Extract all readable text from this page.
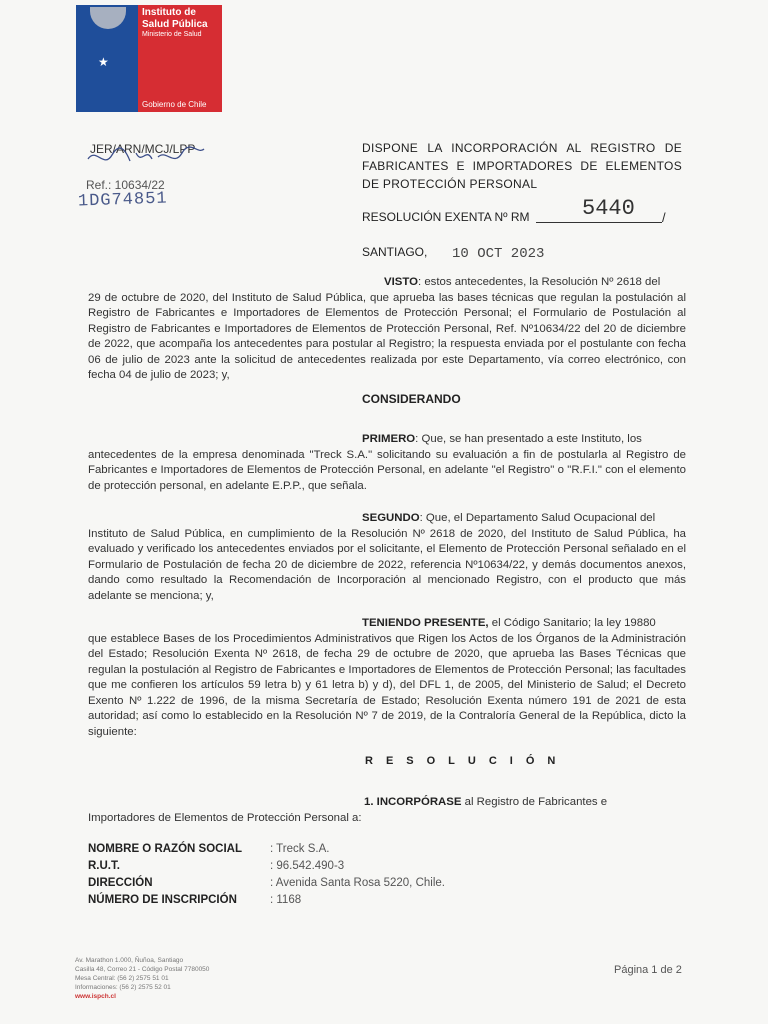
★
Instituto de
Salud Pública
Ministerio de Salud
Gobierno de Chile
JER/ARN/MCJ/LPP
Ref.: 10634/22
1DG74851
DISPONE LA INCORPORACIÓN AL REGISTRO DE FABRICANTES E IMPORTADORES DE ELEMENTOS DE PROTECCIÓN PERSONAL
RESOLUCIÓN EXENTA Nº RM 5440 /
SANTIAGO, 10 OCT 2023
VISTO: estos antecedentes, la Resolución Nº 2618 del
29 de octubre de 2020, del Instituto de Salud Pública, que aprueba las bases técnicas que regulan la postulación al Registro de Fabricantes e Importadores de Elementos de Protección Personal; el Formulario de Postulación al Registro de Fabricantes e Importadores de Elementos de Protección Personal, Ref. Nº10634/22 del 20 de diciembre de 2022, que acompaña los antecedentes para postular al Registro; la respuesta enviada por el postulante con fecha 06 de julio de 2023 ante la solicitud de antecedentes realizada por este Departamento, vía correo electrónico, con fecha 04 de julio de 2023; y,
CONSIDERANDO
PRIMERO: Que, se han presentado a este Instituto, los
antecedentes de la empresa denominada "Treck S.A." solicitando su evaluación a fin de postularla al Registro de Fabricantes e Importadores de Elementos de Protección Personal, en adelante "el Registro" o "R.F.I." con el elemento de protección personal, en adelante E.P.P., que señala.
SEGUNDO: Que, el Departamento Salud Ocupacional del
Instituto de Salud Pública, en cumplimiento de la Resolución Nº 2618 de 2020, del Instituto de Salud Pública, ha evaluado y verificado los antecedentes enviados por el solicitante, el Elemento de Protección Personal señalado en el Formulario de Postulación de fecha 20 de diciembre de 2022, referencia Nº10634/22, y demás documentos anexos, dando como resultado la Recomendación de Incorporación al mencionado Registro, con el producto que más adelante se menciona; y,
TENIENDO PRESENTE, el Código Sanitario; la ley 19880
que establece Bases de los Procedimientos Administrativos que Rigen los Actos de los Órganos de la Administración del Estado; Resolución Exenta Nº 2618, de fecha 29 de octubre de 2020, que aprueba las Bases Técnicas que regulan la postulación al Registro de Fabricantes e Importadores de Elementos de Protección Personal; las facultades que me confieren los artículos 59 letra b) y 61 letra b) y d), del DFL 1, de 2005, del Ministerio de Salud; el Decreto Exento Nº 1.222 de 1996, de la misma Secretaría de Estado; Resolución Exenta número 191 de 2021 de esta autoridad; así como lo establecido en la Resolución Nº 7 de 2019, de la Contraloría General de la República, dicto la siguiente:
RESOLUCIÓN
1. INCORPÓRASE al Registro de Fabricantes e
Importadores de Elementos de Protección Personal a:
NOMBRE O RAZÓN SOCIAL : Treck S.A.
R.U.T.	: 96.542.490-3
DIRECCIÓN	: Avenida Santa Rosa 5220, Chile.
NÚMERO DE INSCRIPCIÓN	: 1168
Av. Marathon 1.000, Ñuñoa, Santiago
Casilla 48, Correo 21 - Código Postal 7780050
Mesa Central: (56 2) 2575 51 01
Informaciones: (56 2) 2575 52 01
www.ispch.cl
Página 1 de 2
